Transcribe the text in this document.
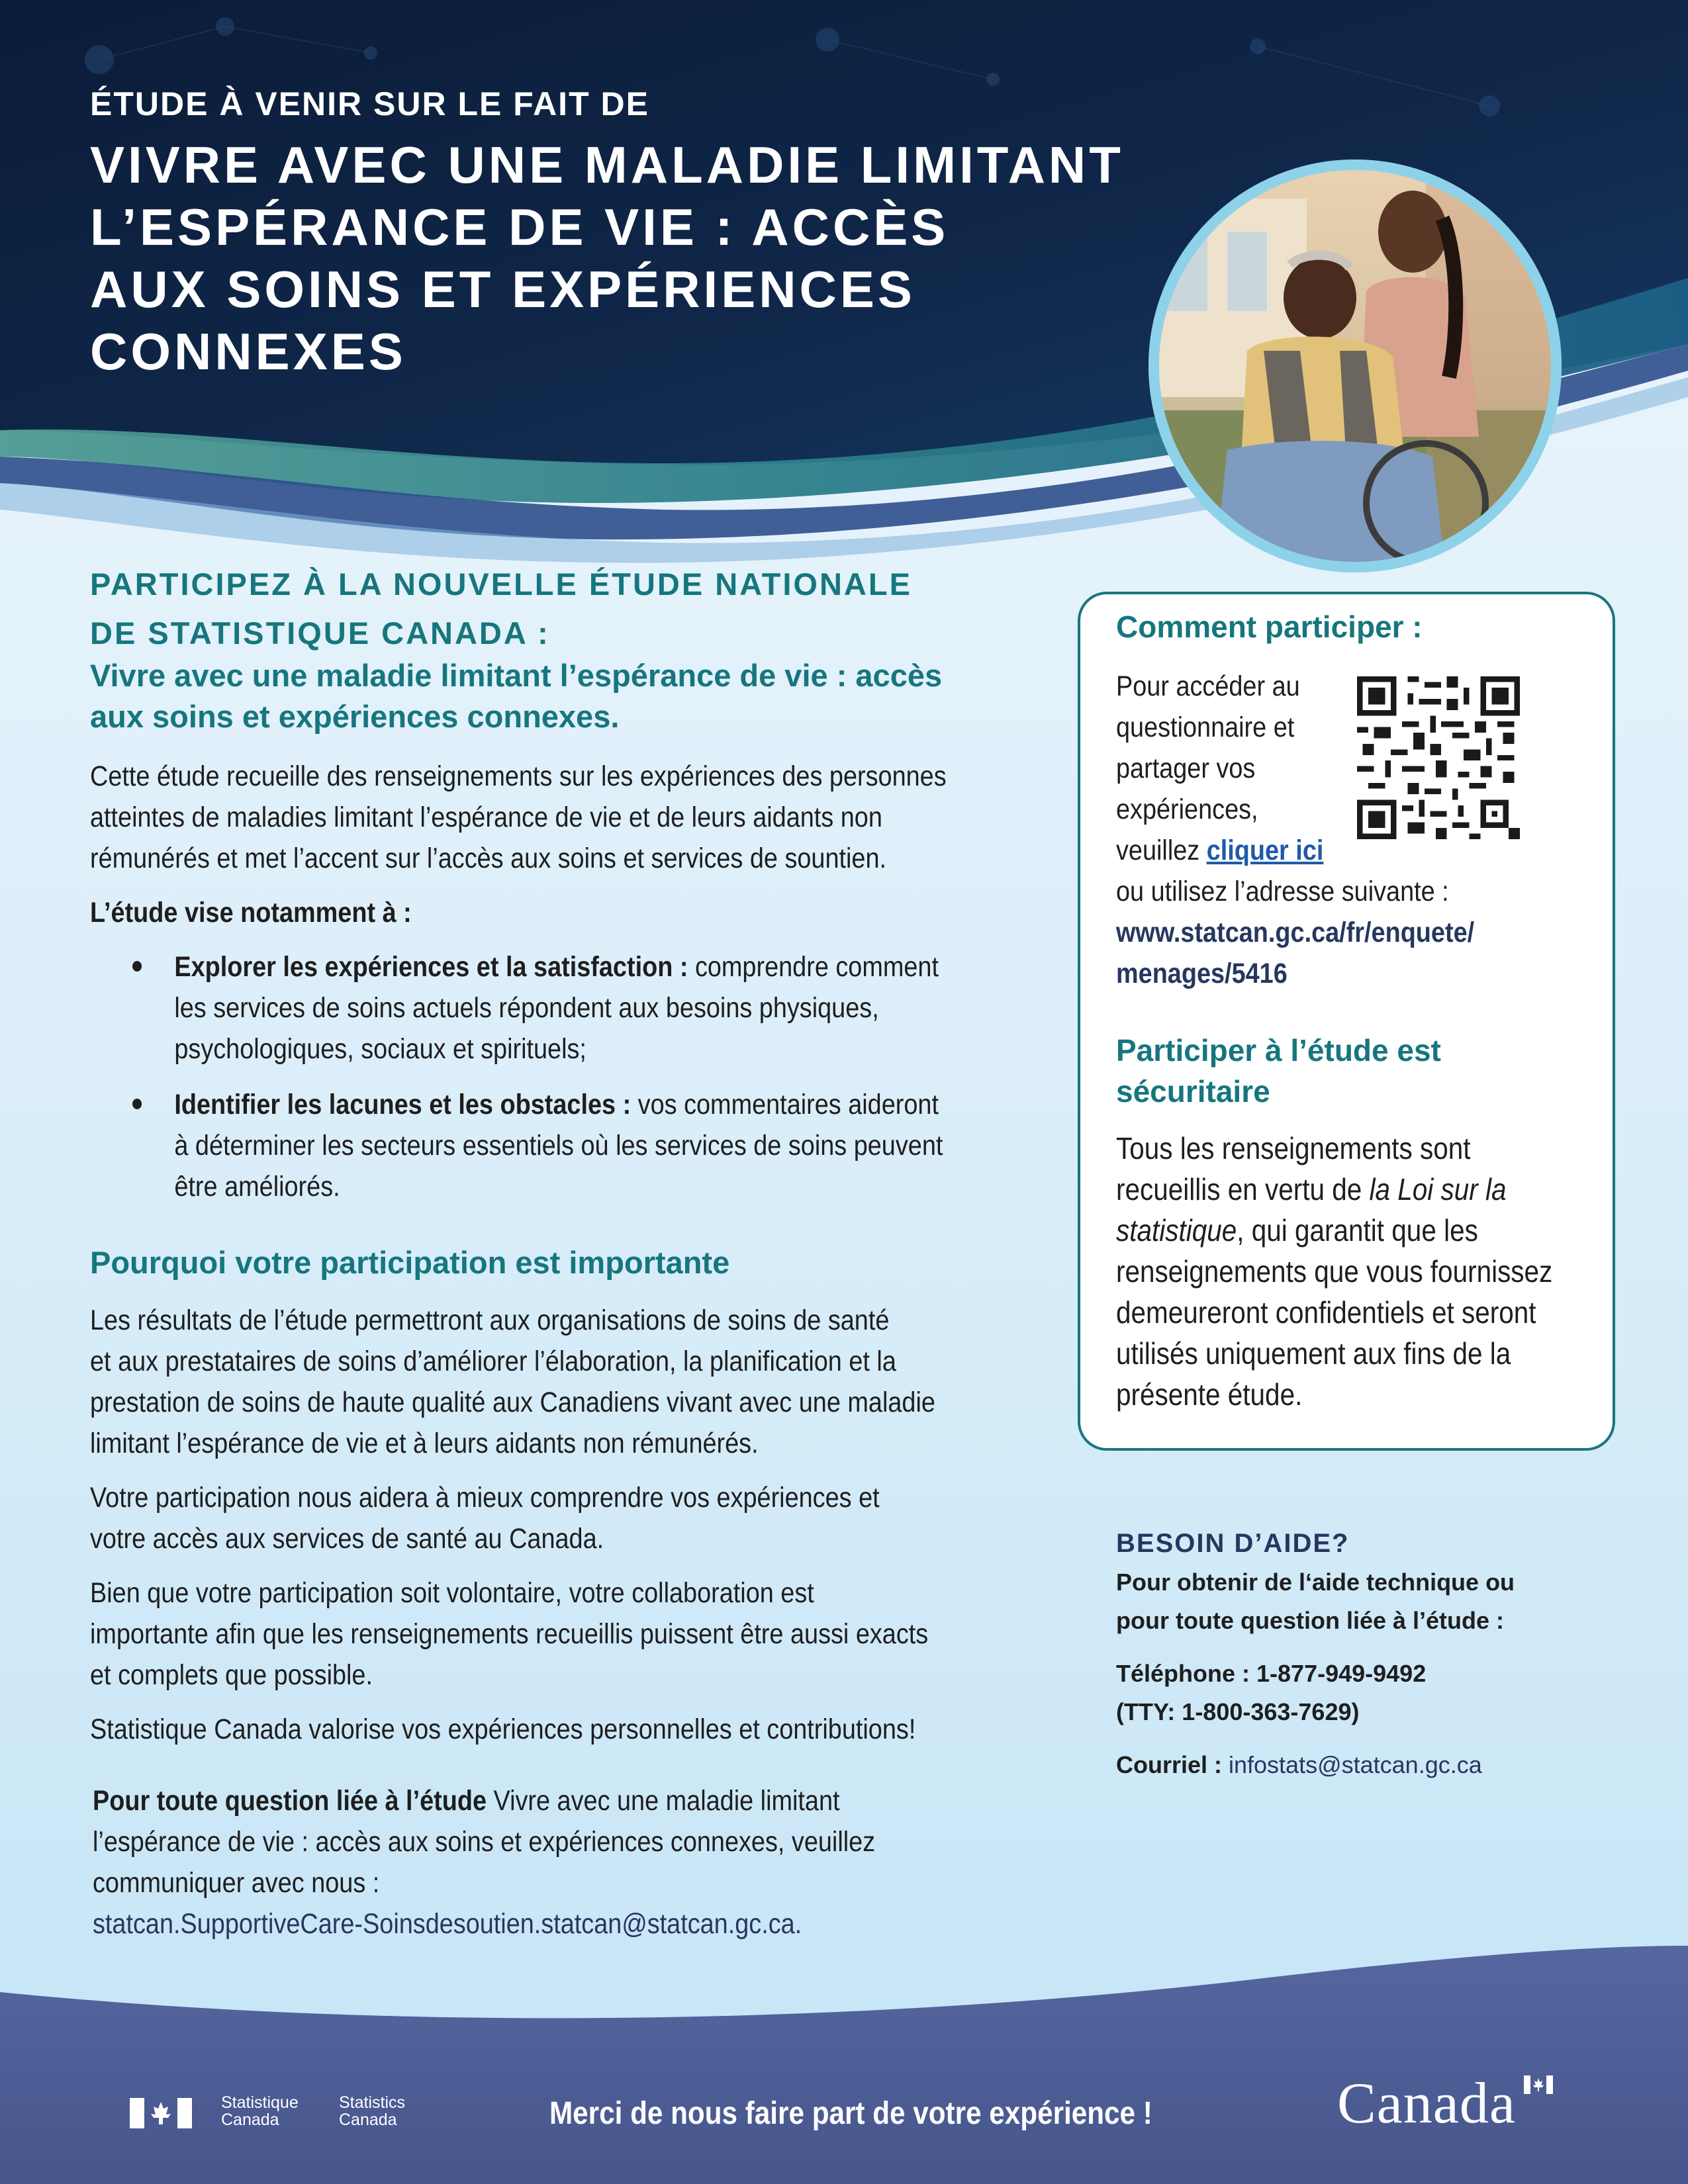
ÉTUDE À VENIR SUR LE FAIT DE
VIVRE AVEC UNE MALADIE LIMITANT
L’ESPÉRANCE DE VIE : ACCÈS
AUX SOINS ET EXPÉRIENCES
CONNEXES
PARTICIPEZ À LA NOUVELLE ÉTUDE NATIONALE
DE STATISTIQUE CANADA :
Vivre avec une maladie limitant l’espérance de vie : accès
aux soins et expériences connexes.
Cette étude recueille des renseignements sur les expériences des personnes
atteintes de maladies limitant l’espérance de vie et de leurs aidants non
rémunérés et met l’accent sur l’accès aux soins et services de sountien.
L’étude vise notamment à :
Explorer les expériences et la satisfaction : comprendre comment
les services de soins actuels répondent aux besoins physiques,
psychologiques, sociaux et spirituels;
Identifier les lacunes et les obstacles : vos commentaires aideront
à déterminer les secteurs essentiels où les services de soins peuvent
être améliorés.
Pourquoi votre participation est importante

Les résultats de l’étude permettront aux organisations de soins de santé
et aux prestataires de soins d’améliorer l’élaboration, la planification et la
prestation de soins de haute qualité aux Canadiens vivant avec une maladie
limitant l’espérance de vie et à leurs aidants non rémunérés.

Votre participation nous aidera à mieux comprendre vos expériences et
votre accès aux services de santé au Canada.

Bien que votre participation soit volontaire, votre collaboration est
importante afin que les renseignements recueillis puissent être aussi exacts
et complets que possible.

Statistique Canada valorise vos expériences personnelles et contributions!

Pour toute question liée à l’étude Vivre avec une maladie limitant
l’espérance de vie : accès aux soins et expériences connexes, veuillez
communiquer avec nous :
statcan.SupportiveCare-Soinsdesoutien.statcan@statcan.gc.ca.
Comment participer :
Pour accéder au
questionnaire et
partager vos
expériences,
veuillez cliquer ici
ou utilisez l’adresse suivante :
www.statcan.gc.ca/fr/enquete/
menages/5416
Participer à l’étude est
sécuritaire
Tous les renseignements sont
recueillis en vertu de la Loi sur la
statistique, qui garantit que les
renseignements que vous fournissez
demeureront confidentiels et seront
utilisés uniquement aux fins de la
présente étude.
BESOIN D’AIDE?
Pour obtenir de l‘aide technique ou
pour toute question liée à l’étude :
Téléphone : 1-877-949-9492
(TTY: 1-800-363-7629)
Courriel : infostats@statcan.gc.ca
Statistique
Canada
Statistics
Canada	Merci de nous faire part de votre expérience !	Canada
